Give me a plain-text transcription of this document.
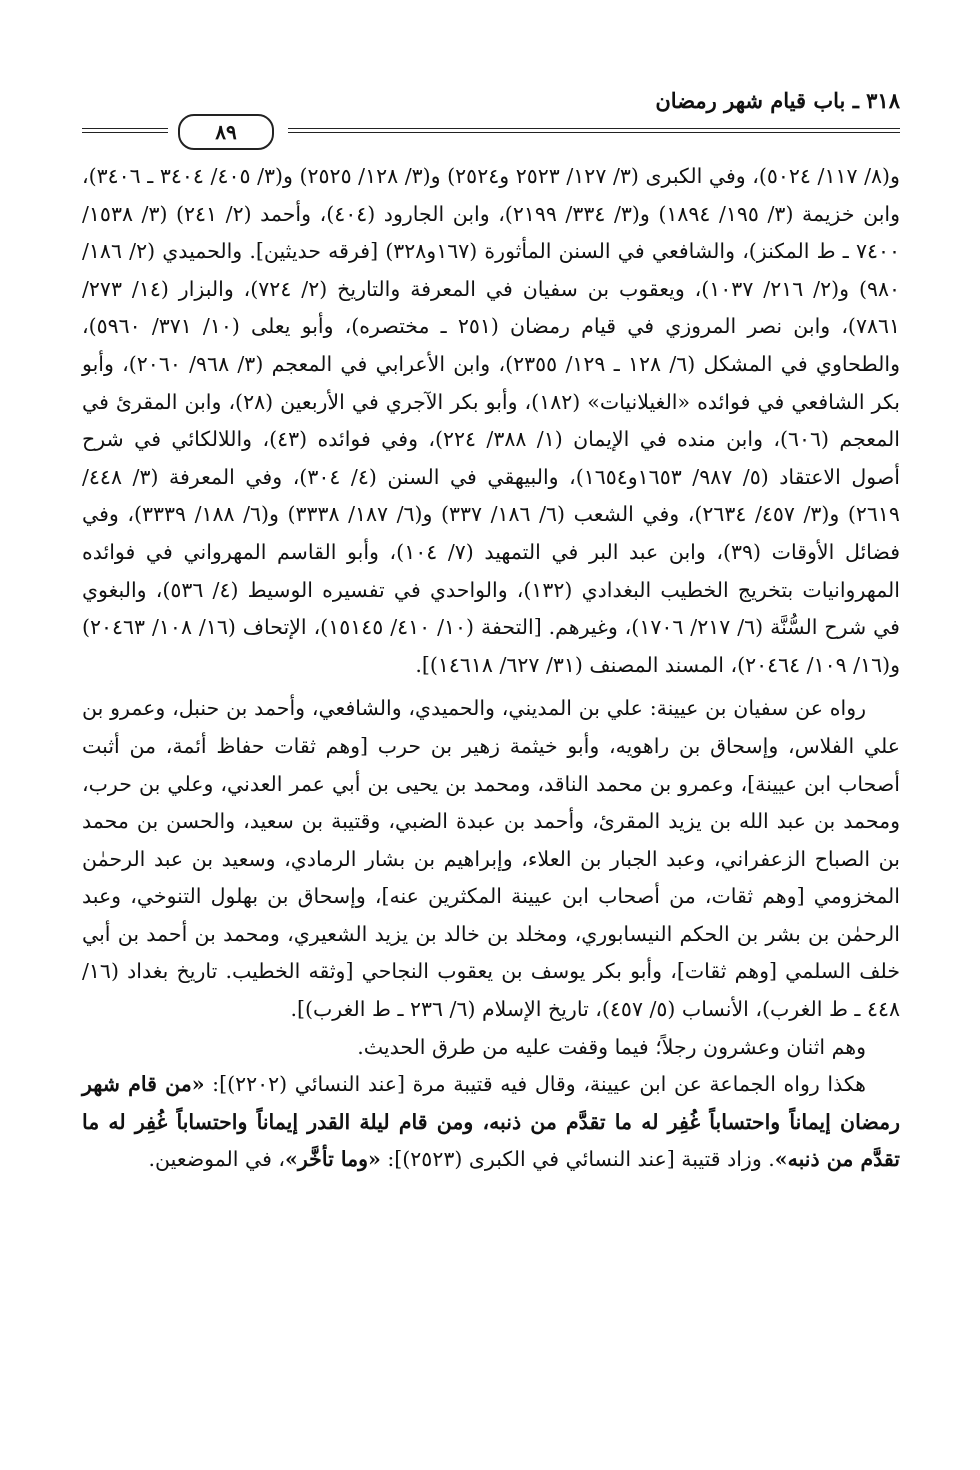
٣١٨ ـ باب قيام شهر رمضان
٨٩

و(٨/ ١١٧/ ٥٠٢٤)، وفي الكبرى (٣/ ١٢٧/ ٢٥٢٣ و٢٥٢٤) و(٣/ ١٢٨/ ٢٥٢٥) و(٣/ ٤٠٥/ ٣٤٠٤ ـ ٣٤٠٦)، وابن خزيمة (٣/ ١٩٥/ ١٨٩٤) و(٣/ ٣٣٤/ ٢١٩٩)، وابن الجارود (٤٠٤)، وأحمد (٢/ ٢٤١) (٣/ ١٥٣٨/ ٧٤٠٠ ـ ط المكنز)، والشافعي في السنن المأثورة (١٦٧و٣٢٨) [فرقه حديثين]. والحميدي (٢/ ١٨٦/ ٩٨٠) و(٢/ ٢١٦/ ١٠٣٧)، ويعقوب بن سفيان في المعرفة والتاريخ (٢/ ٧٢٤)، والبزار (١٤/ ٢٧٣/ ٧٨٦١)، وابن نصر المروزي في قيام رمضان (٢٥١ ـ مختصره)، وأبو يعلى (١٠/ ٣٧١/ ٥٩٦٠)، والطحاوي في المشكل (٦/ ١٢٨ ـ ١٢٩/ ٢٣٥٥)، وابن الأعرابي في المعجم (٣/ ٩٦٨/ ٢٠٦٠)، وأبو بكر الشافعي في فوائده «الغيلانيات» (١٨٢)، وأبو بكر الآجري في الأربعين (٢٨)، وابن المقرئ في المعجم (٦٠٦)، وابن منده في الإيمان (١/ ٣٨٨/ ٢٢٤)، وفي فوائده (٤٣)، واللالكائي في شرح أصول الاعتقاد (٥/ ٩٨٧/ ١٦٥٣و١٦٥٤)، والبيهقي في السنن (٤/ ٣٠٤)، وفي المعرفة (٣/ ٤٤٨/ ٢٦١٩) و(٣/ ٤٥٧/ ٢٦٣٤)، وفي الشعب (٦/ ١٨٦/ ٣٣٧) و(٦/ ١٨٧/ ٣٣٣٨) و(٦/ ١٨٨/ ٣٣٣٩)، وفي فضائل الأوقات (٣٩)، وابن عبد البر في التمهيد (٧/ ١٠٤)، وأبو القاسم المهرواني في فوائده المهروانيات بتخريج الخطيب البغدادي (١٣٢)، والواحدي في تفسيره الوسيط (٤/ ٥٣٦)، والبغوي في شرح السُّنَّة (٦/ ٢١٧/ ١٧٠٦)، وغيرهم. [التحفة (١٠/ ٤١٠/ ١٥١٤٥)، الإتحاف (١٦/ ١٠٨/ ٢٠٤٦٣) و(١٦/ ١٠٩/ ٢٠٤٦٤)، المسند المصنف (٣١/ ٦٢٧/ ١٤٦١٨)].

رواه عن سفيان بن عيينة: علي بن المديني، والحميدي، والشافعي، وأحمد بن حنبل، وعمرو بن علي الفلاس، وإسحاق بن راهويه، وأبو خيثمة زهير بن حرب [وهم ثقات حفاظ أئمة، من أثبت أصحاب ابن عيينة]، وعمرو بن محمد الناقد، ومحمد بن يحيى بن أبي عمر العدني، وعلي بن حرب، ومحمد بن عبد الله بن يزيد المقرئ، وأحمد بن عبدة الضبي، وقتيبة بن سعيد، والحسن بن محمد بن الصباح الزعفراني، وعبد الجبار بن العلاء، وإبراهيم بن بشار الرمادي، وسعيد بن عبد الرحمٰن المخزومي [وهم ثقات، من أصحاب ابن عيينة المكثرين عنه]، وإسحاق بن بهلول التنوخي، وعبد الرحمٰن بن بشر بن الحكم النيسابوري، ومخلد بن خالد بن يزيد الشعيري، ومحمد بن أحمد بن أبي خلف السلمي [وهم ثقات]، وأبو بكر يوسف بن يعقوب النجاحي [وثقه الخطيب. تاريخ بغداد (١٦/ ٤٤٨ ـ ط الغرب)، الأنساب (٥/ ٤٥٧)، تاريخ الإسلام (٦/ ٢٣٦ ـ ط الغرب)].

وهم اثنان وعشرون رجلاً؛ فيما وقفت عليه من طرق الحديث.

هكذا رواه الجماعة عن ابن عيينة، وقال فيه قتيبة مرة [عند النسائي (٢٢٠٢)]: «من قام شهر رمضان إيماناً واحتساباً غُفِر له ما تقدَّم من ذنبه، ومن قام ليلة القدر إيماناً واحتساباً غُفِر له ما تقدَّم من ذنبه». وزاد قتيبة [عند النسائي في الكبرى (٢٥٢٣)]: «وما تأخَّر»، في الموضعين.
